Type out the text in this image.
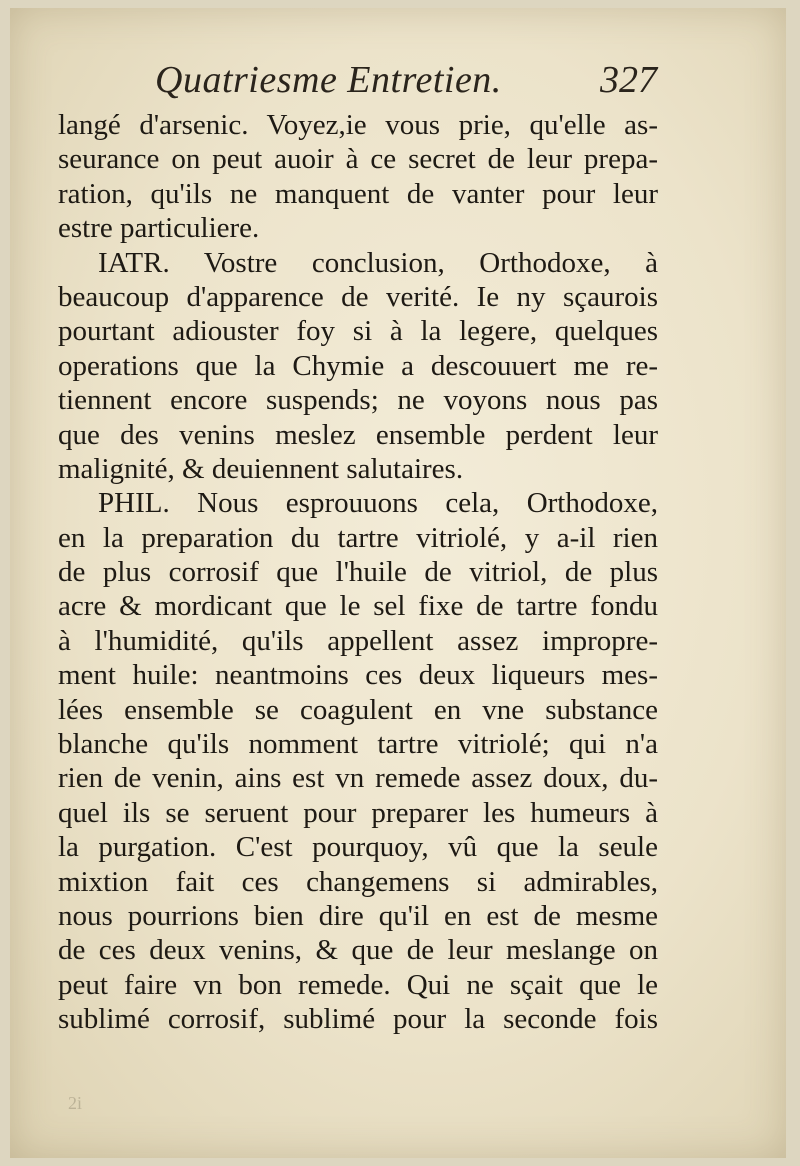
Quatriesme Entretien.	327
langé d'arsenic. Voyez,ie vous prie, qu'elle as-
seurance on peut auoir à ce secret de leur prepa-
ration, qu'ils ne manquent de vanter pour leur
estre particuliere.
IATR. Vostre conclusion, Orthodoxe, à
beaucoup d'apparence de verité. Ie ny sçaurois
pourtant adiouster foy si à la legere, quelques
operations que la Chymie a descouuert me re-
tiennent encore suspends; ne voyons nous pas
que des venins meslez ensemble perdent leur
malignité, & deuiennent salutaires.
PHIL. Nous esprouuons cela, Orthodoxe,
en la preparation du tartre vitriolé, y a-il rien
de plus corrosif que l'huile de vitriol, de plus
acre & mordicant que le sel fixe de tartre fondu
à l'humidité, qu'ils appellent assez impropre-
ment huile: neantmoins ces deux liqueurs mes-
lées ensemble se coagulent en vne substance
blanche qu'ils nomment tartre vitriolé; qui n'a
rien de venin, ains est vn remede assez doux, du-
quel ils se seruent pour preparer les humeurs à
la purgation. C'est pourquoy, vû que la seule
mixtion fait ces changemens si admirables,
nous pourrions bien dire qu'il en est de mesme
de ces deux venins, & que de leur meslange on
peut faire vn bon remede. Qui ne sçait que le
sublimé corrosif, sublimé pour la seconde fois
2i
